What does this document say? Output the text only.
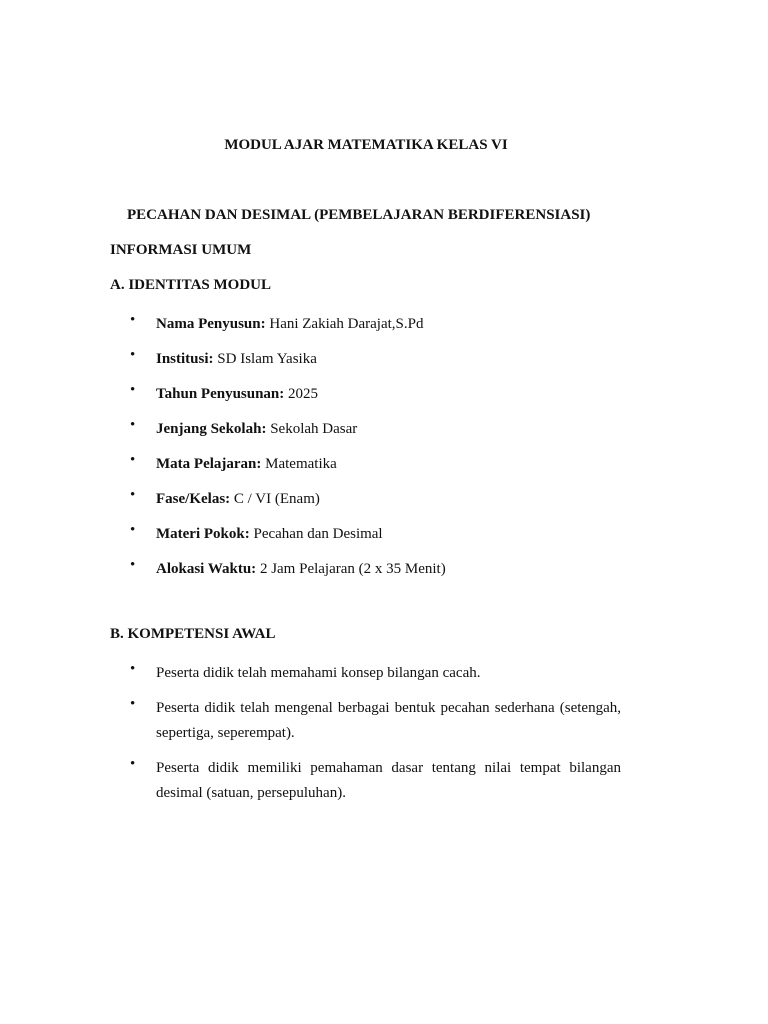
MODUL AJAR MATEMATIKA KELAS VI
PECAHAN DAN DESIMAL (PEMBELAJARAN BERDIFERENSIASI)
INFORMASI UMUM
A. IDENTITAS MODUL
• Nama Penyusun: Hani Zakiah Darajat,S.Pd
• Institusi: SD Islam Yasika
• Tahun Penyusunan: 2025
• Jenjang Sekolah: Sekolah Dasar
• Mata Pelajaran: Matematika
• Fase/Kelas: C / VI (Enam)
• Materi Pokok: Pecahan dan Desimal
• Alokasi Waktu: 2 Jam Pelajaran (2 x 35 Menit)
B. KOMPETENSI AWAL
• Peserta didik telah memahami konsep bilangan cacah.
• Peserta didik telah mengenal berbagai bentuk pecahan sederhana (setengah, sepertiga, seperempat).
• Peserta didik memiliki pemahaman dasar tentang nilai tempat bilangan desimal (satuan, persepuluhan).
